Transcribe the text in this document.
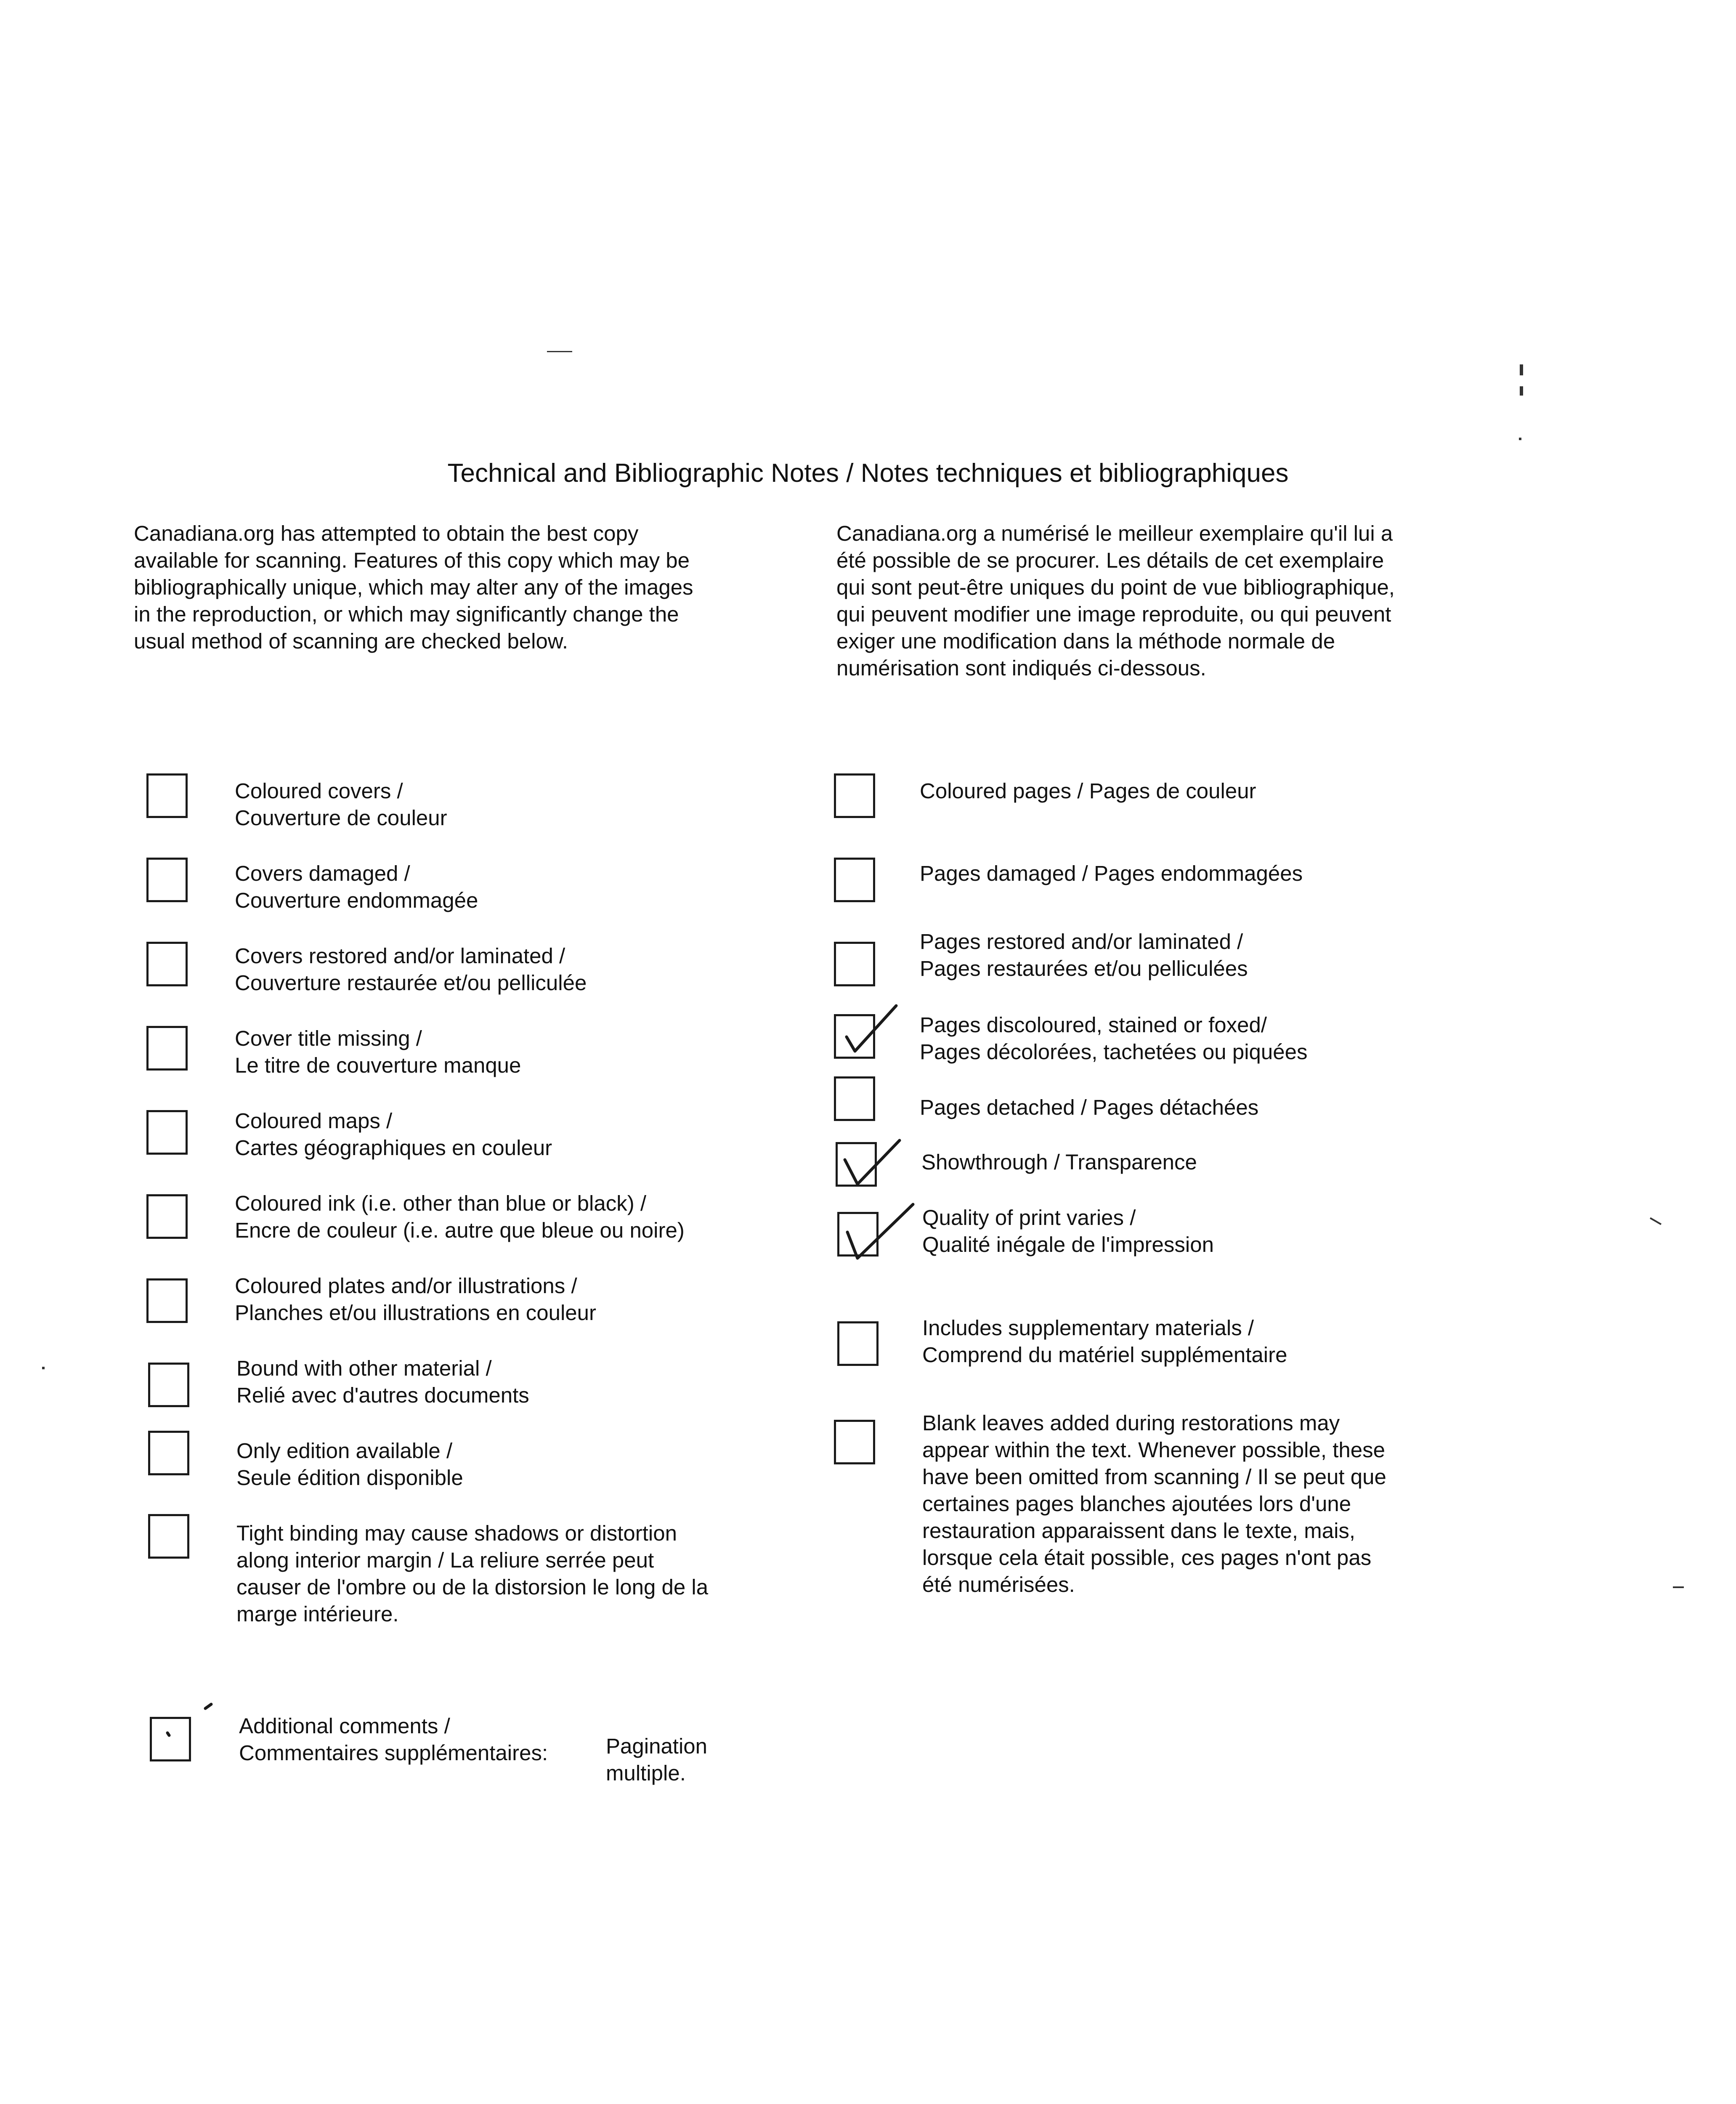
Technical and Bibliographic Notes / Notes techniques et bibliographiques
Canadiana.org has attempted to obtain the best copy
available for scanning. Features of this copy which may be
bibliographically unique, which may alter any of the images
in the reproduction, or which may significantly change the
usual method of scanning are checked below.
Canadiana.org a numérisé le meilleur exemplaire qu'il lui a
été possible de se procurer. Les détails de cet exemplaire
qui sont peut-être uniques du point de vue bibliographique,
qui peuvent modifier une image reproduite, ou qui peuvent
exiger une modification dans la méthode normale de
numérisation sont indiqués ci-dessous.
Coloured covers /
Couverture de couleur
Covers damaged /
Couverture endommagée
Covers restored and/or laminated /
Couverture restaurée et/ou pelliculée
Cover title missing /
Le titre de couverture manque
Coloured maps /
Cartes géographiques en couleur
Coloured ink (i.e. other than blue or black) /
Encre de couleur (i.e. autre que bleue ou noire)
Coloured plates and/or illustrations /
Planches et/ou illustrations en couleur
Bound with other material /
Relié avec d'autres documents
Only edition available /
Seule édition disponible
Tight binding may cause shadows or distortion
along interior margin / La reliure serrée peut
causer de l'ombre ou de la distorsion le long de la
marge intérieure.
Coloured pages / Pages de couleur
Pages damaged / Pages endommagées
Pages restored and/or laminated /
Pages restaurées et/ou pelliculées
Pages discoloured, stained or foxed/
Pages décolorées, tachetées ou piquées
Pages detached / Pages détachées
Showthrough / Transparence
Quality of print varies /
Qualité inégale de l'impression
Includes supplementary materials /
Comprend du matériel supplémentaire
Blank leaves added during restorations may
appear within the text. Whenever possible, these
have been omitted from scanning / Il se peut que
certaines pages blanches ajoutées lors d'une
restauration apparaissent dans le texte, mais,
lorsque cela était possible, ces pages n'ont pas
été numérisées.
Additional comments /
Commentaires supplémentaires:	Pagination multiple.
